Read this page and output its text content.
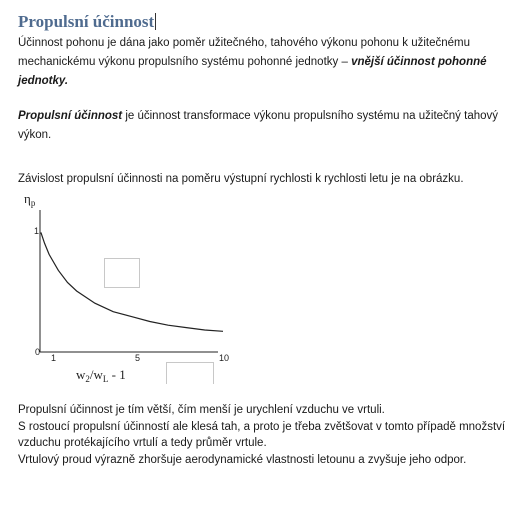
Propulsní účinnost

Účinnost pohonu je dána jako poměr užitečného, tahového výkonu pohonu k užitečnému mechanickému výkonu propulsního systému pohonné jednotky – vnější účinnost pohonné jednotky.

Propulsní účinnost je účinnost transformace výkonu propulsního systému na užitečný tahový výkon.

Závislost propulsní účinnosti na poměru výstupní rychlosti k rychlosti letu je na obrázku.

ηp
1
0
1	5	10
w2/wL - 1
Propulsní účinnost je tím větší, čím menší je urychlení vzduchu ve vrtuli.
S rostoucí propulsní účinností ale klesá tah, a proto je třeba zvětšovat v tomto případě množství vzduchu protékajícího vrtulí a tedy průměr vrtule.
Vrtulový proud výrazně zhoršuje aerodynamické vlastnosti letounu a zvyšuje jeho odpor.
